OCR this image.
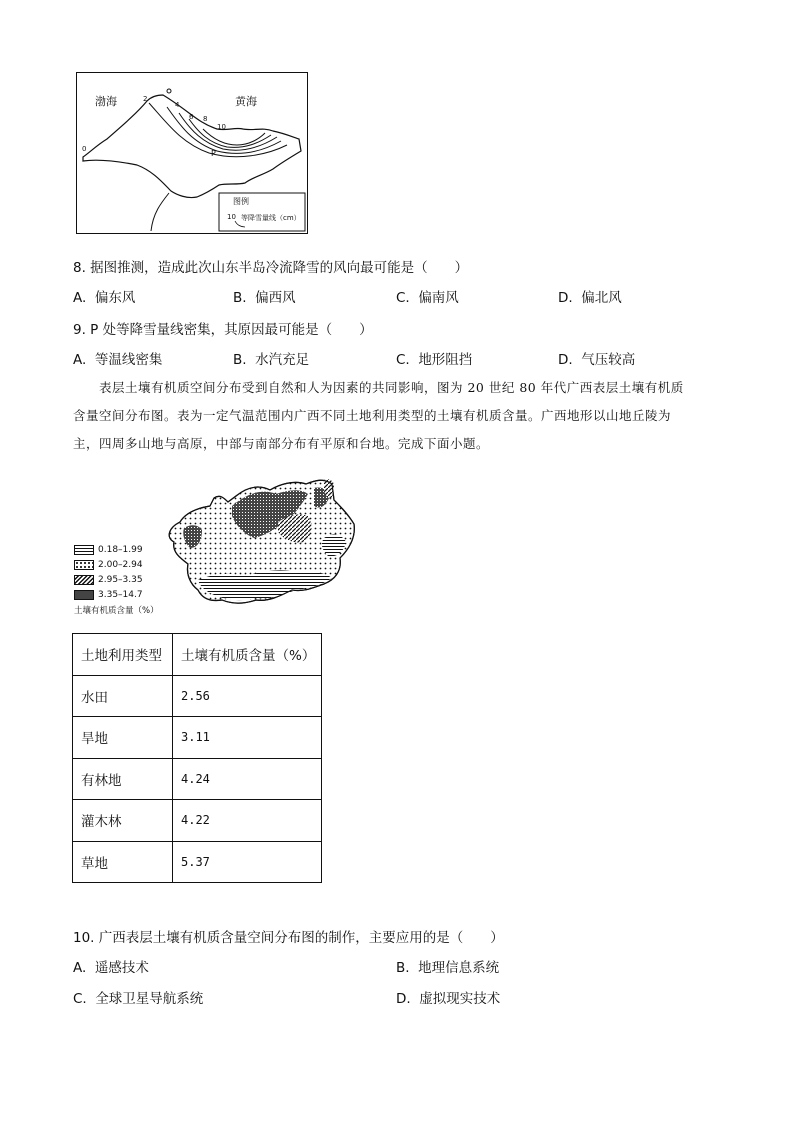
渤海	黄海
0
2
4
6 8
10
P
图例
10 等降雪量线（cm）
8. 据图推测，造成此次山东半岛冷流降雪的风向最可能是（　　）
A. 偏东风	B. 偏西风	C. 偏南风	D. 偏北风
9. P 处等降雪量线密集，其原因最可能是（　　）
A. 等温线密集	B. 水汽充足	C. 地形阻挡	D. 气压较高
表层土壤有机质空间分布受到自然和人为因素的共同影响，图为 20 世纪 80 年代广西表层土壤有机质
含量空间分布图。表为一定气温范围内广西不同土地利用类型的土壤有机质含量。广西地形以山地丘陵为
主，四周多山地与高原，中部与南部分布有平原和台地。完成下面小题。
0.18–1.99
2.00–2.94
2.95–3.35
3.35–14.7
土壤有机质含量（%）
土地利用类型	土壤有机质含量（%）
水田	2.56
旱地	3.11
有林地	4.24
灌木林	4.22
草地	5.37
10. 广西表层土壤有机质含量空间分布图的制作，主要应用的是（　　）
A. 遥感技术	B. 地理信息系统
C. 全球卫星导航系统	D. 虚拟现实技术
